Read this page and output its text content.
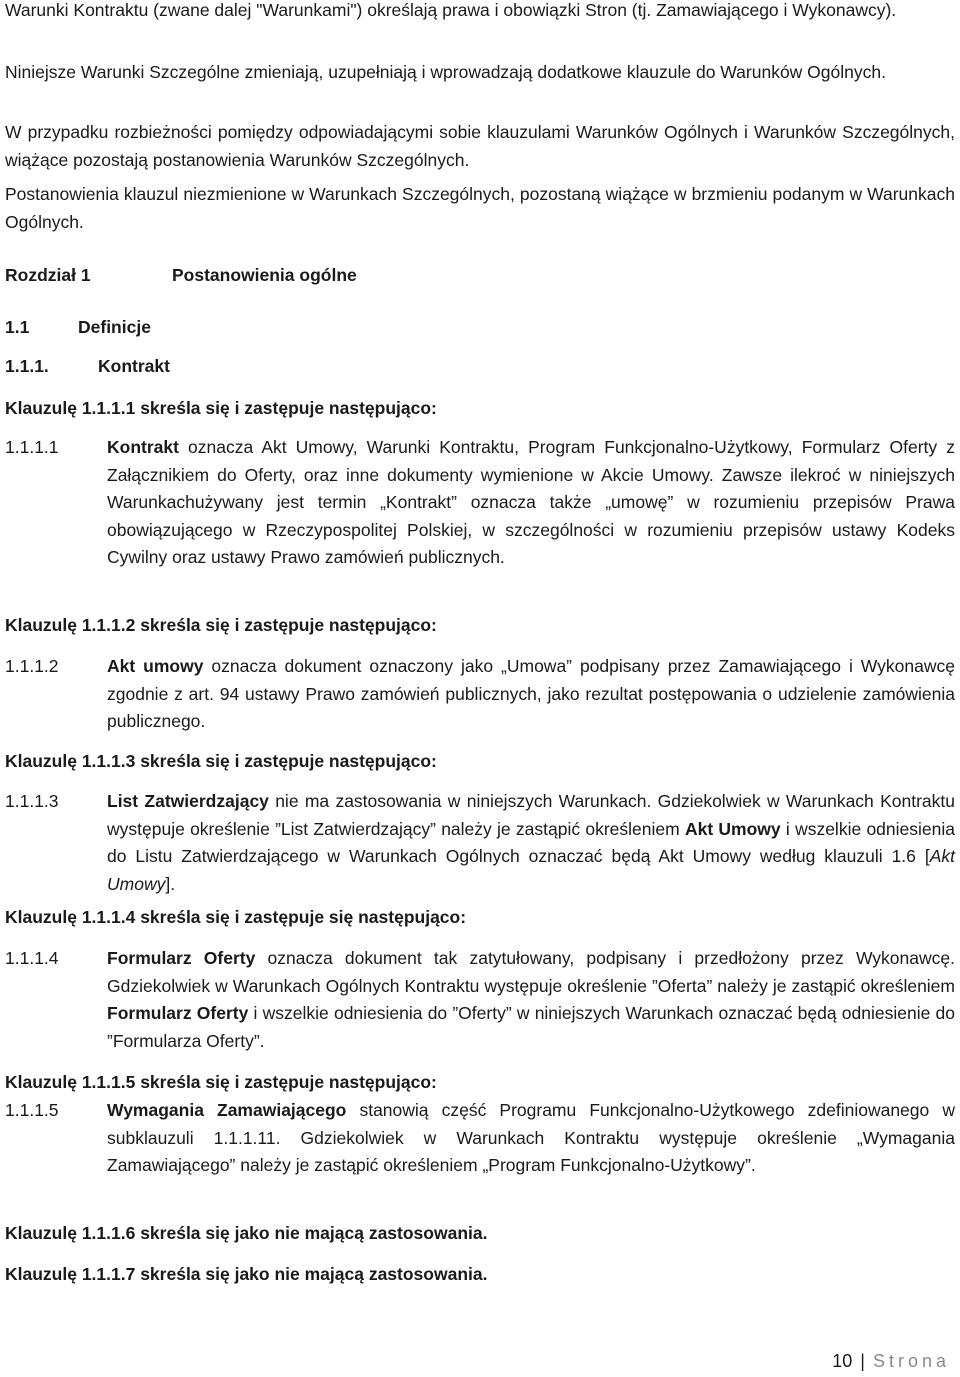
Warunki Kontraktu (zwane dalej "Warunkami") określają prawa i obowiązki Stron (tj. Zamawiającego i Wykonawcy).

Niniejsze Warunki Szczególne zmieniają, uzupełniają i wprowadzają dodatkowe klauzule do Warunków Ogólnych.

W przypadku rozbieżności pomiędzy odpowiadającymi sobie klauzulami Warunków Ogólnych i Warunków Szczególnych, wiążące pozostają postanowienia Warunków Szczególnych.

Postanowienia klauzul niezmienione w Warunkach Szczególnych, pozostaną wiążące w brzmieniu podanym w Warunkach Ogólnych.

Rozdział 1	Postanowienia ogólne
1.1	Definicje
1.1.1.	Kontrakt
Klauzulę 1.1.1.1 skreśla się i zastępuje następująco:
1.1.1.1	Kontrakt oznacza Akt Umowy, Warunki Kontraktu, Program Funkcjonalno-Użytkowy, Formularz Oferty z Załącznikiem do Oferty, oraz inne dokumenty wymienione w Akcie Umowy. Zawsze ilekroć w niniejszych Warunkachużywany jest termin „Kontrakt” oznacza także „umowę” w rozumieniu przepisów Prawa obowiązującego w Rzeczypospolitej Polskiej, w szczególności w rozumieniu przepisów ustawy Kodeks Cywilny oraz ustawy Prawo zamówień publicznych.
Klauzulę 1.1.1.2 skreśla się i zastępuje następująco:
1.1.1.2	Akt umowy oznacza dokument oznaczony jako „Umowa” podpisany przez Zamawiającego i Wykonawcę zgodnie z art. 94 ustawy Prawo zamówień publicznych, jako rezultat postępowania o udzielenie zamówienia publicznego.
Klauzulę 1.1.1.3 skreśla się i zastępuje następująco:
1.1.1.3	List Zatwierdzający nie ma zastosowania w niniejszych Warunkach. Gdziekolwiek w Warunkach Kontraktu występuje określenie ”List Zatwierdzający” należy je zastąpić określeniem Akt Umowy i wszelkie odniesienia do Listu Zatwierdzającego w Warunkach Ogólnych oznaczać będą Akt Umowy według klauzuli 1.6 [Akt Umowy].
Klauzulę 1.1.1.4 skreśla się i zastępuje się następująco:
1.1.1.4	Formularz Oferty oznacza dokument tak zatytułowany, podpisany i przedłożony przez Wykonawcę. Gdziekolwiek w Warunkach Ogólnych Kontraktu występuje określenie ”Oferta” należy je zastąpić określeniem Formularz Oferty i wszelkie odniesienia do ”Oferty” w niniejszych Warunkach oznaczać będą odniesienie do ”Formularza Oferty”.
Klauzulę 1.1.1.5 skreśla się i zastępuje następująco:
1.1.1.5	Wymagania Zamawiającego stanowią część Programu Funkcjonalno-Użytkowego zdefiniowanego w subklauzuli 1.1.1.11. Gdziekolwiek w Warunkach Kontraktu występuje określenie „Wymagania Zamawiającego” należy je zastąpić określeniem „Program Funkcjonalno-Użytkowy”.
Klauzulę 1.1.1.6 skreśla się jako nie mającą zastosowania.
Klauzulę 1.1.1.7 skreśla się jako nie mającą zastosowania.
10 | Strona
